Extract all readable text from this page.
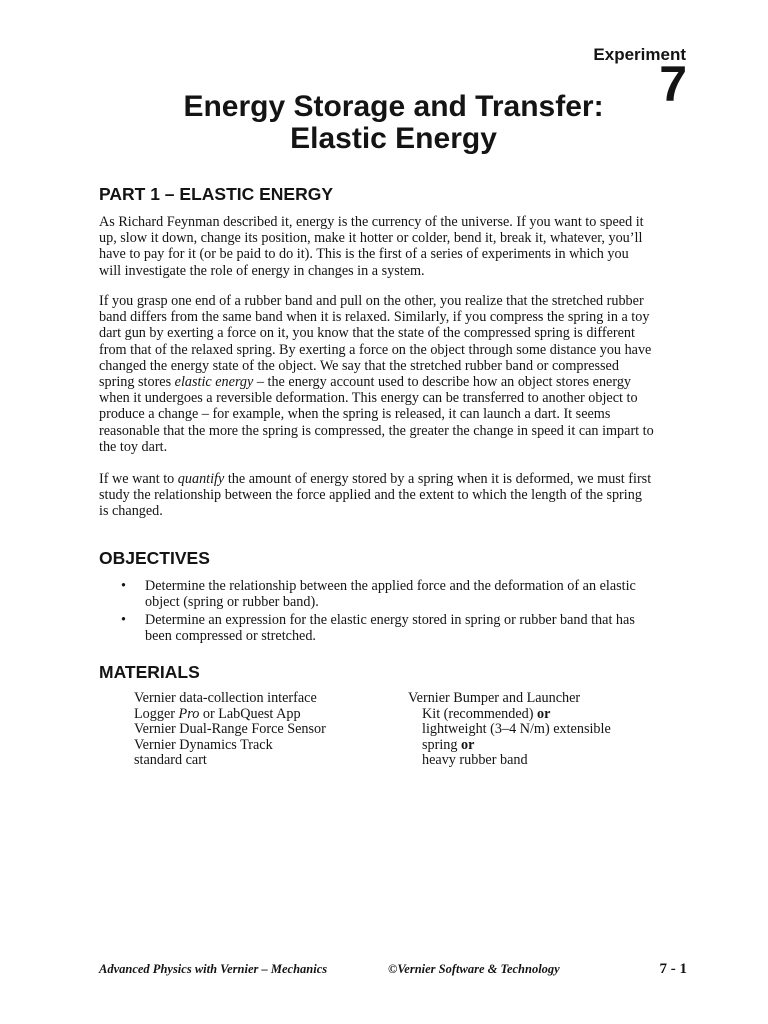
Experiment
7
Energy Storage and Transfer:
Elastic Energy
PART 1 – ELASTIC ENERGY
As Richard Feynman described it, energy is the currency of the universe. If you want to speed it
up, slow it down, change its position, make it hotter or colder, bend it, break it, whatever, you’ll
have to pay for it (or be paid to do it). This is the first of a series of experiments in which you
will investigate the role of energy in changes in a system.
If you grasp one end of a rubber band and pull on the other, you realize that the stretched rubber
band differs from the same band when it is relaxed. Similarly, if you compress the spring in a toy
dart gun by exerting a force on it, you know that the state of the compressed spring is different
from that of the relaxed spring. By exerting a force on the object through some distance you have
changed the energy state of the object. We say that the stretched rubber band or compressed
spring stores elastic energy – the energy account used to describe how an object stores energy
when it undergoes a reversible deformation. This energy can be transferred to another object to
produce a change – for example, when the spring is released, it can launch a dart. It seems
reasonable that the more the spring is compressed, the greater the change in speed it can impart to
the toy dart.
If we want to quantify the amount of energy stored by a spring when it is deformed, we must first
study the relationship between the force applied and the extent to which the length of the spring
is changed.
OBJECTIVES
• Determine the relationship between the applied force and the deformation of an elastic
object (spring or rubber band).
• Determine an expression for the elastic energy stored in spring or rubber band that has
been compressed or stretched.
MATERIALS
Vernier data-collection interface
Logger Pro or LabQuest App
Vernier Dual-Range Force Sensor
Vernier Dynamics Track
standard cart
Vernier Bumper and Launcher
Kit (recommended) or
lightweight (3–4 N/m) extensible
spring or
heavy rubber band
Advanced Physics with Vernier – Mechanics	©Vernier Software & Technology	7 - 1
